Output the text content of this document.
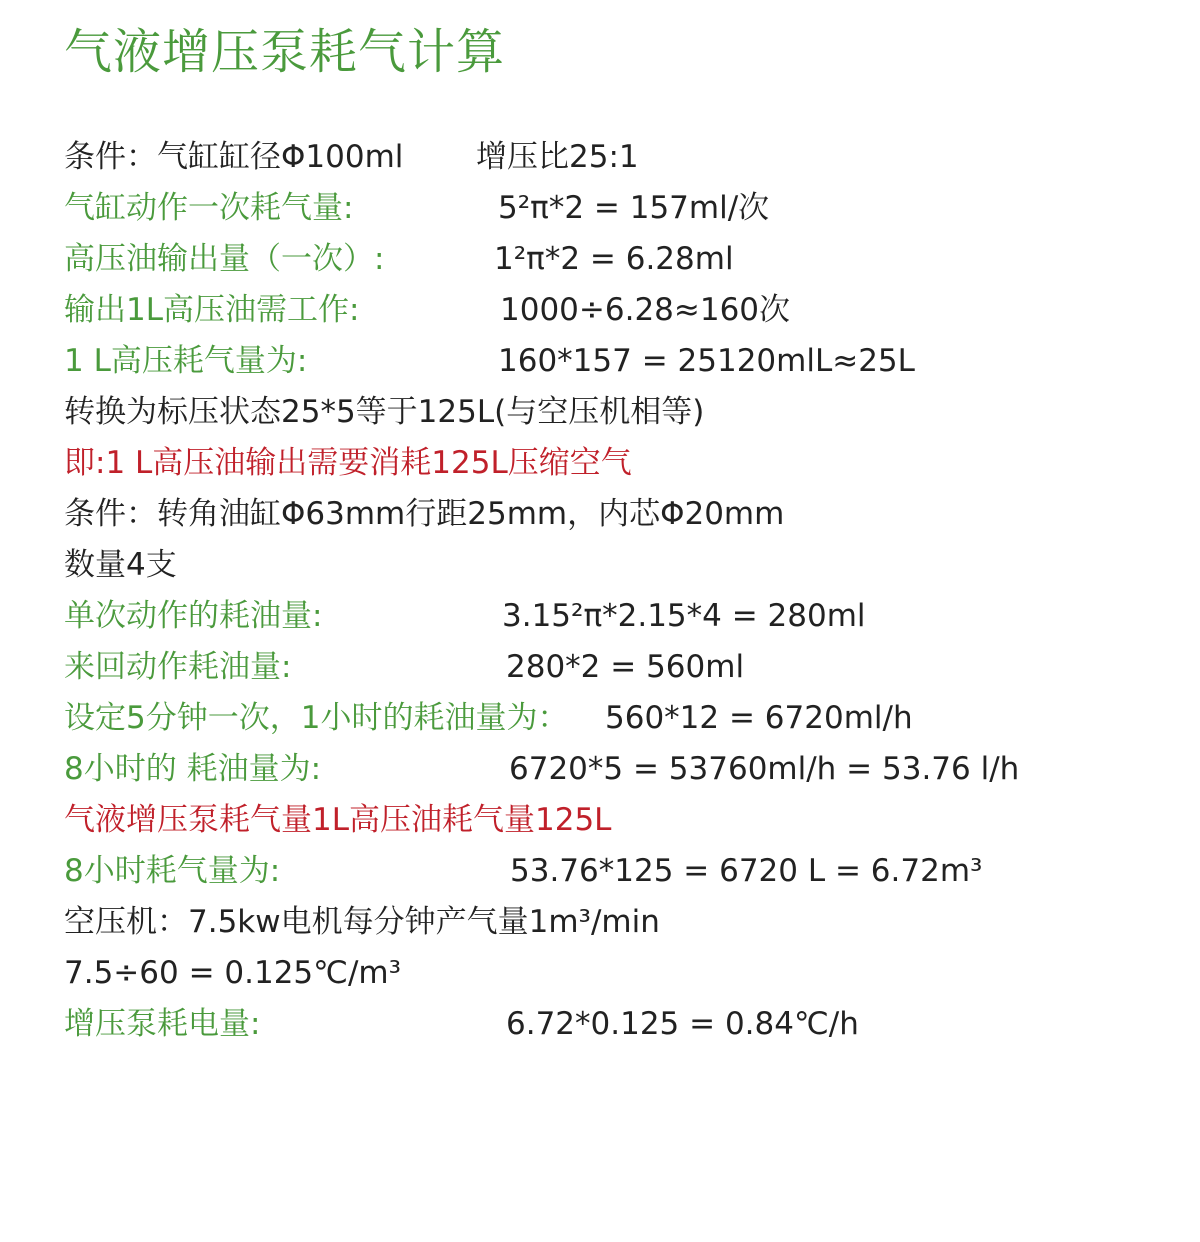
气液增压泵耗气计算
条件：气缸缸径Φ100ml 增压比25:1
气缸动作一次耗气量:	5²π*2 = 157ml/次
高压油输出量（一次）:	1²π*2 = 6.28ml
输出1L高压油需工作:	1000÷6.28≈160次
1 L高压耗气量为:	160*157 = 25120mlL≈25L
转换为标压状态25*5等于125L(与空压机相等)
即:1 L高压油输出需要消耗125L压缩空气
条件：转角油缸Φ63mm行距25mm，内芯Φ20mm
数量4支
单次动作的耗油量:	3.15²π*2.15*4 = 280ml
来回动作耗油量:	280*2 = 560ml
设定5分钟一次，1小时的耗油量为： 560*12 = 6720ml/h
8小时的 耗油量为:	6720*5 = 53760ml/h = 53.76 l/h
气液增压泵耗气量1L高压油耗气量125L
8小时耗气量为:	53.76*125 = 6720 L = 6.72m³
空压机：7.5kw电机每分钟产气量1m³/min
7.5÷60 = 0.125℃/m³
增压泵耗电量:	6.72*0.125 = 0.84℃/h
